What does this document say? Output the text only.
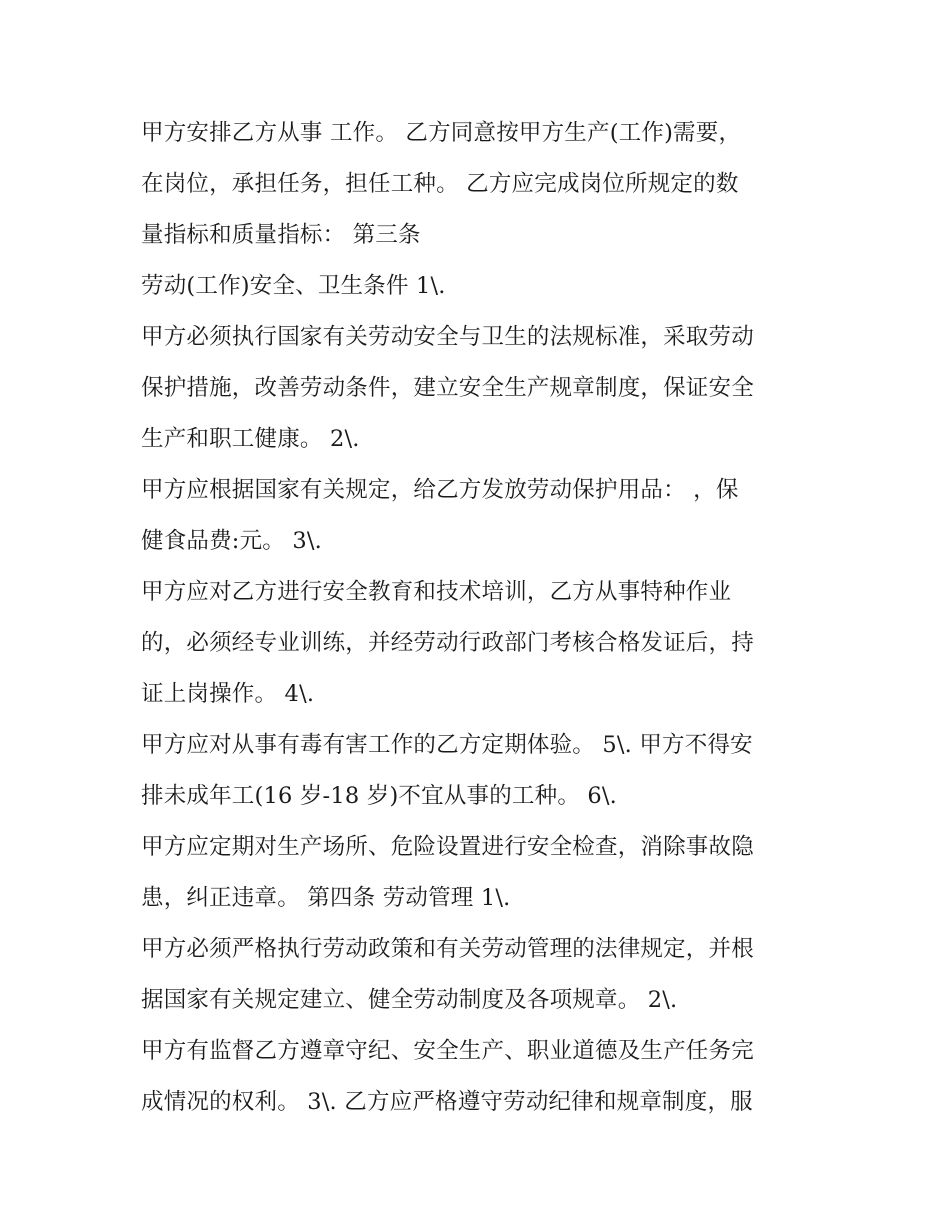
甲方安排乙方从事 工作。 乙方同意按甲方生产(工作)需要，
在岗位，承担任务，担任工种。 乙方应完成岗位所规定的数
量指标和质量指标： 第三条
劳动(工作)安全、卫生条件 1\.
甲方必须执行国家有关劳动安全与卫生的法规标准，采取劳动
保护措施，改善劳动条件，建立安全生产规章制度，保证安全
生产和职工健康。 2\.
甲方应根据国家有关规定，给乙方发放劳动保护用品： ，保
健食品费:元。 3\.
甲方应对乙方进行安全教育和技术培训，乙方从事特种作业
的，必须经专业训练，并经劳动行政部门考核合格发证后，持
证上岗操作。 4\.
甲方应对从事有毒有害工作的乙方定期体验。 5\. 甲方不得安
排未成年工(16 岁-18 岁)不宜从事的工种。 6\.
甲方应定期对生产场所、危险设置进行安全检查，消除事故隐
患，纠正违章。 第四条 劳动管理 1\.
甲方必须严格执行劳动政策和有关劳动管理的法律规定，并根
据国家有关规定建立、健全劳动制度及各项规章。 2\.
甲方有监督乙方遵章守纪、安全生产、职业道德及生产任务完
成情况的权利。 3\. 乙方应严格遵守劳动纪律和规章制度，服
